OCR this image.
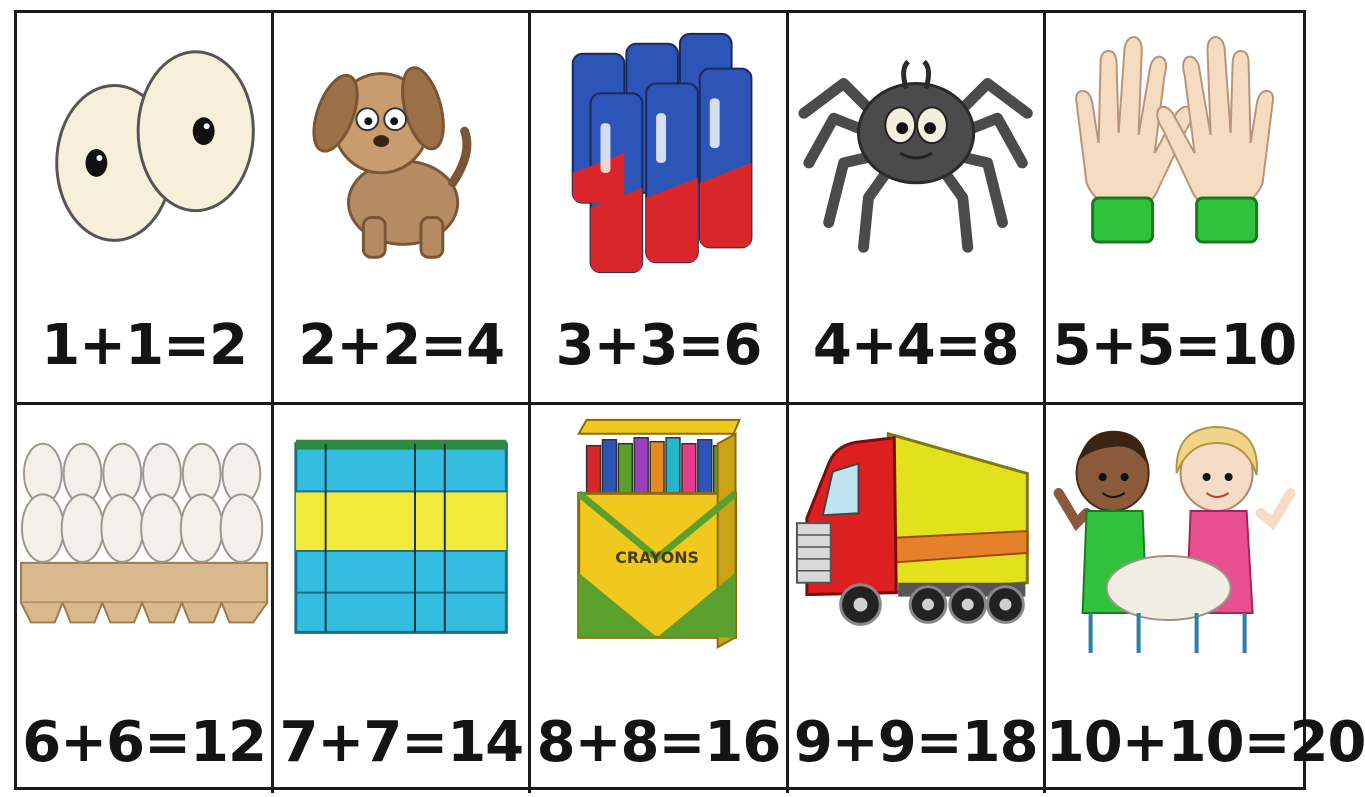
1+1=2 2+2=4 3+3=6 4+4=8 5+5=10
6+6=12 7+7=14
CRAYONS
8+8=16 9+9=18 10+10=20
